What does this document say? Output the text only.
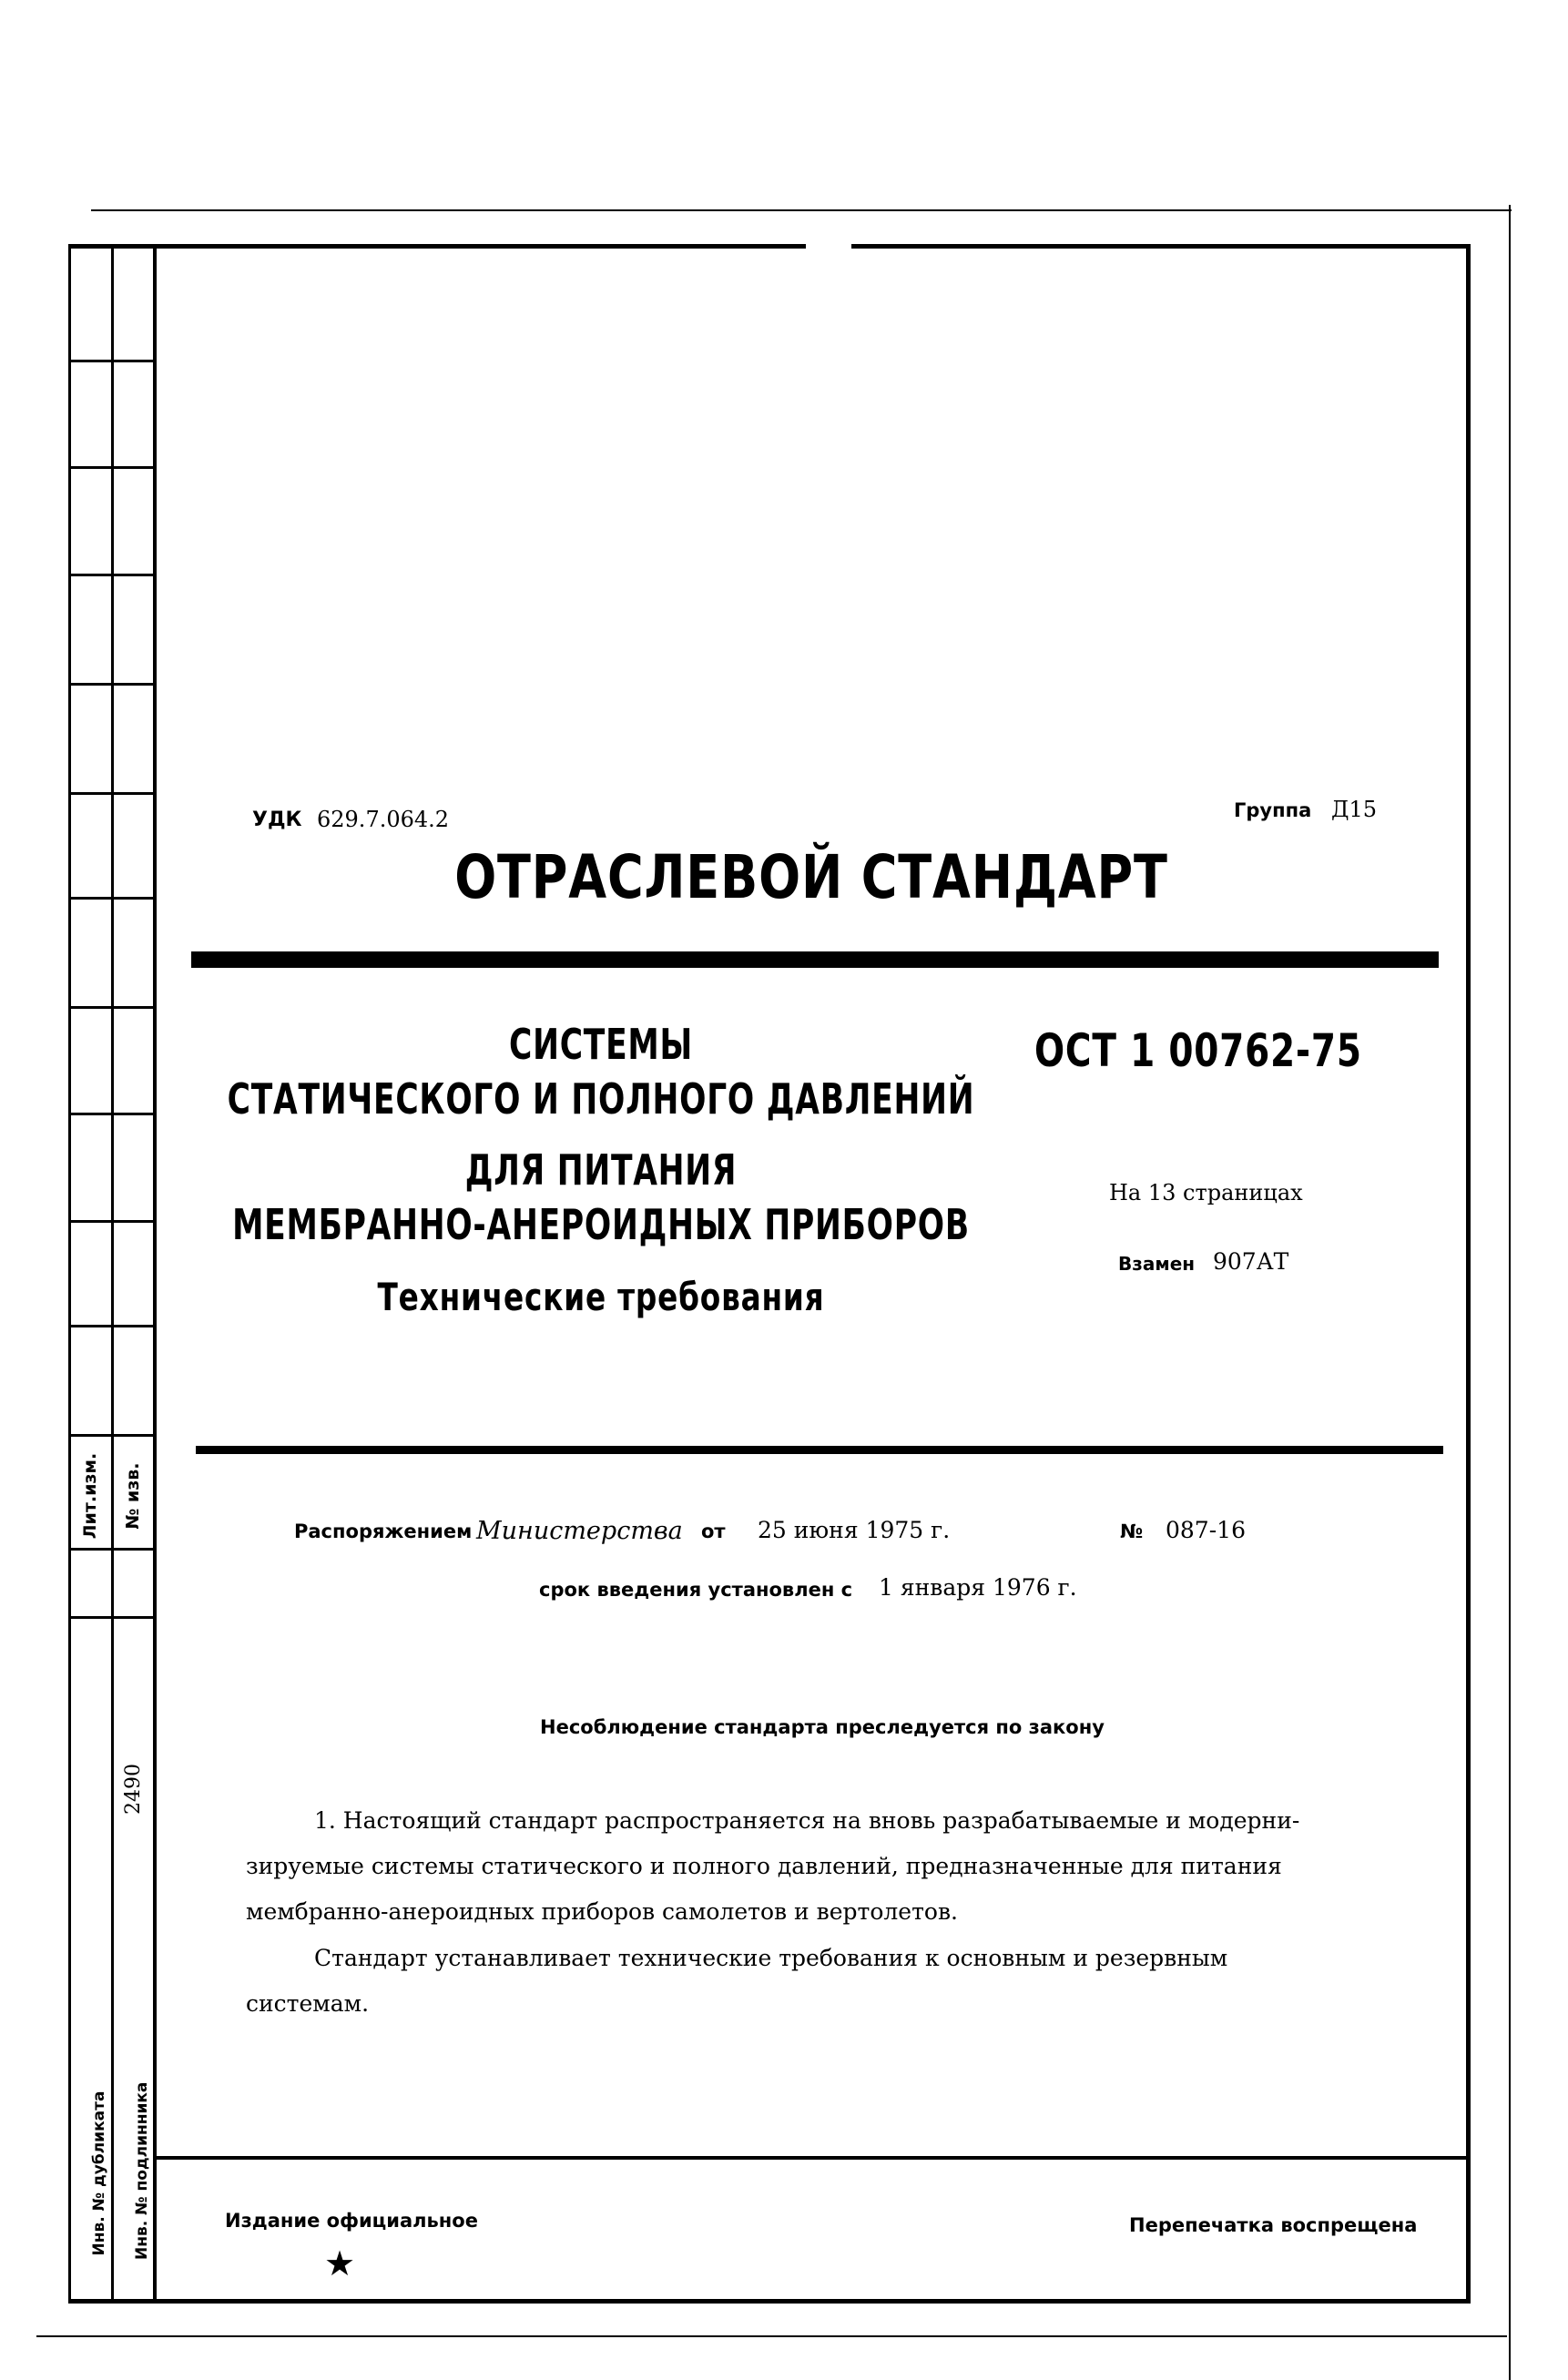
Лит.изм. № изв.
2490
Инв. № дубликата Инв. № подлинника
УДК 629.7.064.2	Группа Д15
ОТРАСЛЕВОЙ СТАНДАРТ
СИСТЕМЫ
СТАТИЧЕСКОГО И ПОЛНОГО ДАВЛЕНИЙ
ДЛЯ ПИТАНИЯ
МЕМБРАННО-АНЕРОИДНЫХ ПРИБОРОВ
Технические требования
ОСТ 1 00762-75
На 13 страницах
Взамен 907АТ
Распоряжением Министерства от 25 июня 1975 г.	№ 087-16
срок введения установлен с 1 января 1976 г.
Несоблюдение стандарта преследуется по закону

1. Настоящий стандарт распространяется на вновь разрабатываемые и модерни-

зируемые системы статического и полного давлений, предназначенные для питания

мембранно-анероидных приборов самолетов и вертолетов.

Стандарт устанавливает технические требования к основным и резервным

системам.

Издание официальное
★
Перепечатка воспрещена
